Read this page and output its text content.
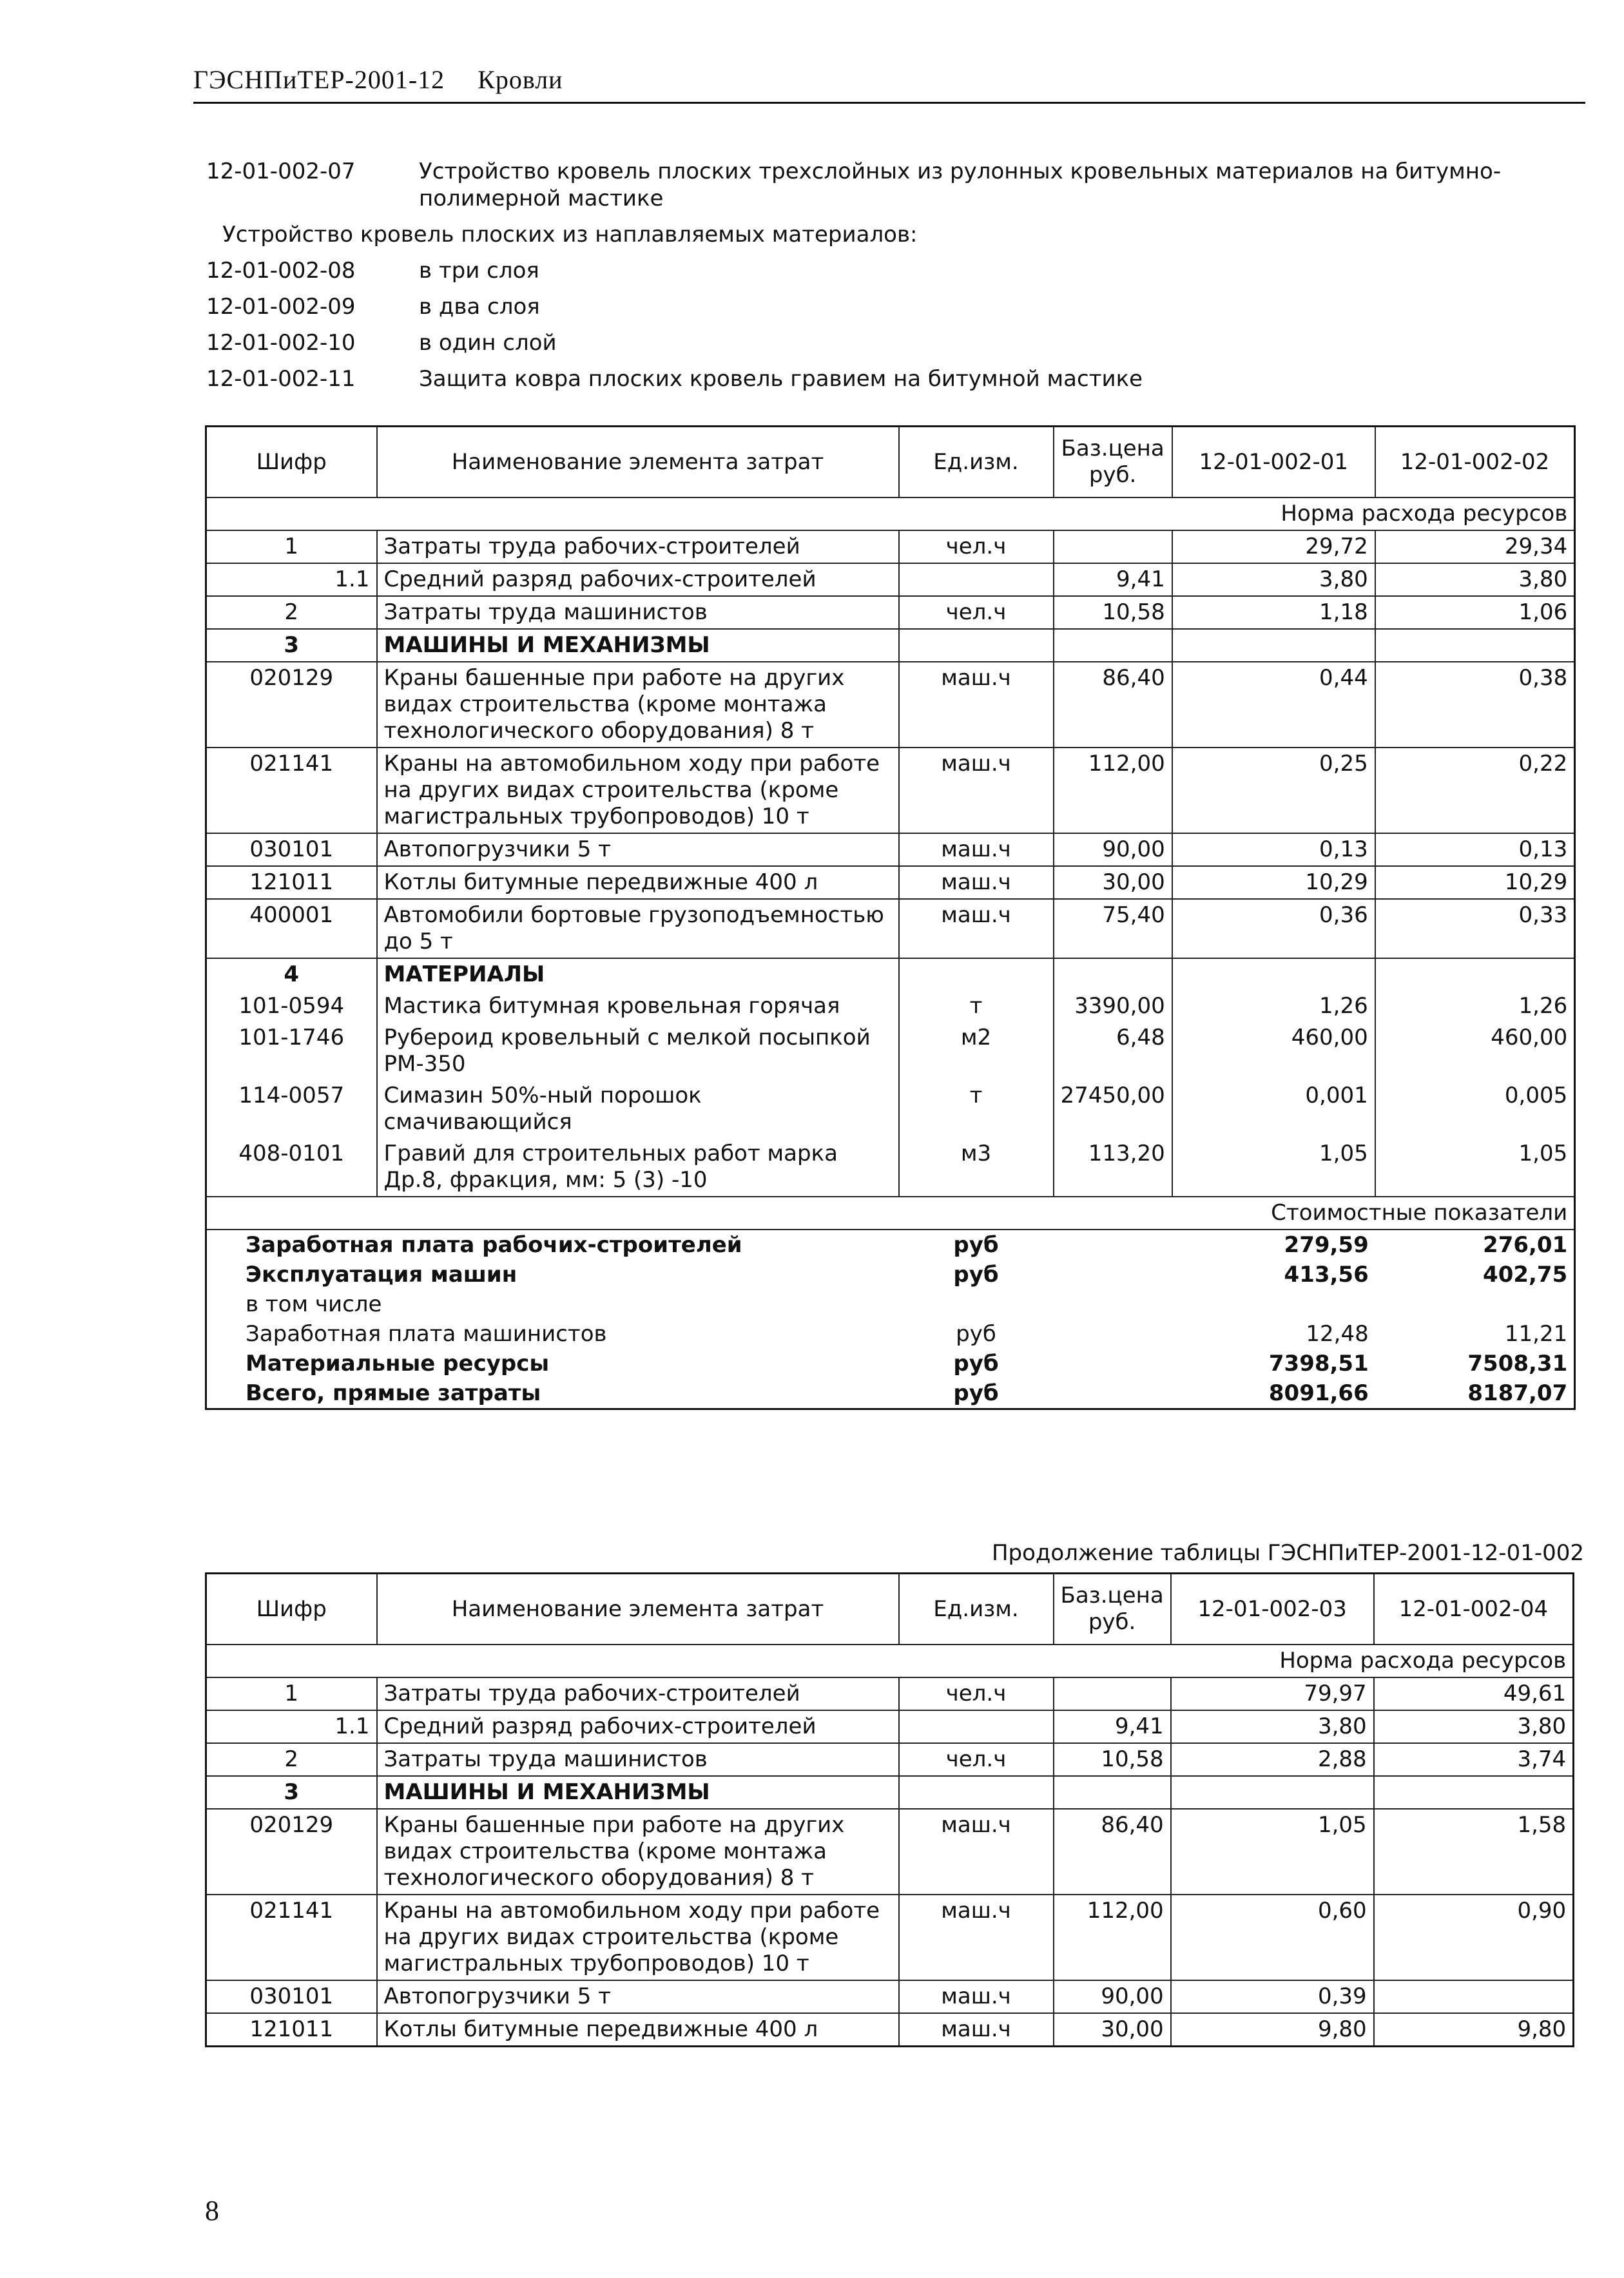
ГЭСНПиТЕР-2001-12 Кровли
12-01-002-07	Устройство кровель плоских трехслойных из рулонных кровельных материалов на битумно-полимерной мастике
Устройство кровель плоских из наплавляемых материалов:
12-01-002-08	в три слоя
12-01-002-09	в два слоя
12-01-002-10	в один слой
12-01-002-11	Защита ковра плоских кровель гравием на битумной мастике
Шифр	Наименование элемента затрат	Ед.изм.	Баз.цена руб.	12-01-002-01	12-01-002-02
Норма расхода ресурсов					
1	Затраты труда рабочих-строителей	чел.ч		29,72	29,34
1.1	Средний разряд рабочих-строителей		9,41	3,80	3,80
2	Затраты труда машинистов	чел.ч	10,58	1,18	1,06
3	МАШИНЫ И МЕХАНИЗМЫ				
020129	Краны башенные при работе на других видах строительства (кроме монтажа технологического оборудования) 8 т	маш.ч	86,40	0,44	0,38
021141	Краны на автомобильном ходу при работе на других видах строительства (кроме магистральных трубопроводов) 10 т	маш.ч	112,00	0,25	0,22
030101	Автопогрузчики 5 т	маш.ч	90,00	0,13	0,13
121011	Котлы битумные передвижные 400 л	маш.ч	30,00	10,29	10,29
400001	Автомобили бортовые грузоподъемностью до 5 т	маш.ч	75,40	0,36	0,33
4	МАТЕРИАЛЫ				
101-0594	Мастика битумная кровельная горячая	т	3390,00	1,26	1,26
101-1746	Рубероид кровельный с мелкой посыпкой РМ-350	м2	6,48	460,00	460,00
114-0057	Симазин 50%-ный порошок смачивающийся	т	27450,00	0,001	0,005
408-0101	Гравий для строительных работ марка Др.8, фракция, мм: 5 (3) -10	м3	113,20	1,05	1,05
Стоимостные показатели					
Заработная плата рабочих-строителей		руб		279,59	276,01
Эксплуатация машин		руб		413,56	402,75
в том числе					
Заработная плата машинистов		руб		12,48	11,21
Материальные ресурсы		руб		7398,51	7508,31
Всего, прямые затраты		руб		8091,66	8187,07
Продолжение таблицы ГЭСНПиТЕР-2001-12-01-002
Шифр	Наименование элемента затрат	Ед.изм.	Баз.цена руб.	12-01-002-03	12-01-002-04
Норма расхода ресурсов					
1	Затраты труда рабочих-строителей	чел.ч		79,97	49,61
1.1	Средний разряд рабочих-строителей		9,41	3,80	3,80
2	Затраты труда машинистов	чел.ч	10,58	2,88	3,74
3	МАШИНЫ И МЕХАНИЗМЫ				
020129	Краны башенные при работе на других видах строительства (кроме монтажа технологического оборудования) 8 т	маш.ч	86,40	1,05	1,58
021141	Краны на автомобильном ходу при работе на других видах строительства (кроме магистральных трубопроводов) 10 т	маш.ч	112,00	0,60	0,90
030101	Автопогрузчики 5 т	маш.ч	90,00	0,39	
121011	Котлы битумные передвижные 400 л	маш.ч	30,00	9,80	9,80
8
